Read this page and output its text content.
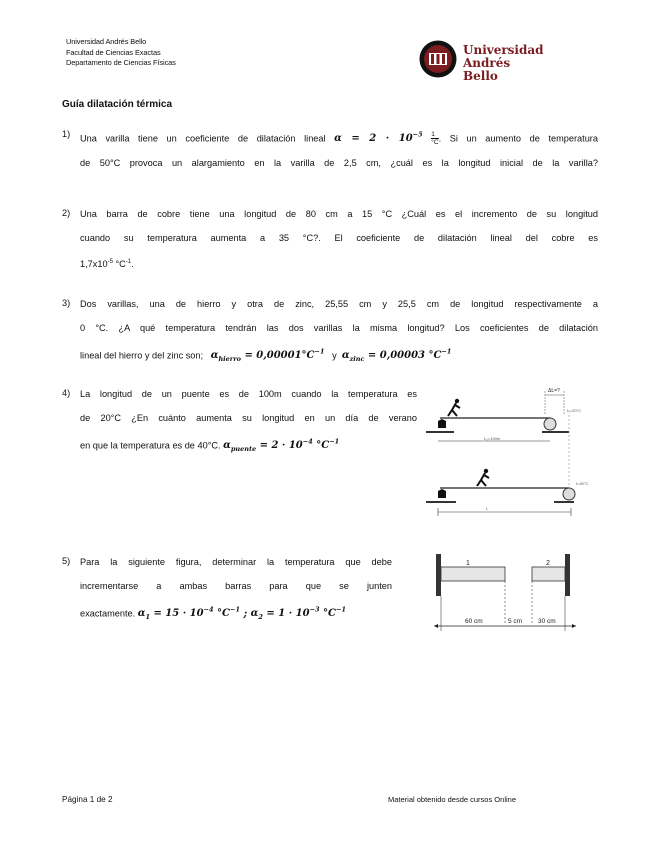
Universidad Andrés Bello
Facultad de Ciencias Exactas
Departamento de Ciencias Físicas
Universidad
Andrés Bello
Guía dilatación térmica
1) Una varilla tiene un coeficiente de dilatación lineal $\alpha = 2 \cdot 10^{-5} \frac{1}{^\circ C}$ . Si un aumento de temperatura
de 50°C provoca un alargamiento en la varilla de 2,5 cm, ¿cuál es la longitud inicial de la varilla?
2) Una barra de cobre tiene una longitud de 80 cm a 15 °C ¿Cuál es el incremento de su longitud
cuando su temperatura aumenta a 35 °C?. El coeficiente de dilatación lineal del cobre es
$1,7x10^{-5}$ $^\circ C^{-1}$.
3) Dos varillas, una de hierro y otra de zinc, 25,55 cm y 25,5 cm de longitud respectivamente a
0 °C. ¿A qué temperatura tendrán las dos varillas la misma longitud? Los coeficientes de dilatación
lineal del hierro y del zinc son; $\alpha_{hierro} = 0,00001^\circ C^{-1}$ y $\alpha_{zinc} = 0,00003$ $^\circ C^{-1}$
4) La longitud de un puente es de 100m cuando la temperatura es
de 20°C ¿En cuánto aumenta su longitud en un día de verano
en que la temperatura es de 40°C. $\alpha_{puente} = 2 \cdot 10^{-4}$ $^\circ C^{-1}$
ΔL=?
t₀=20°C
L₀=100m
t=40°C
L
5) Para la siguiente figura, determinar la temperatura que debe
incrementarse a ambas barras para que se junten
exactamente. $\alpha_1 = 15 \cdot 10^{-4}$ $^\circ C^{-1}$ ; $\alpha_2 = 1 \cdot 10^{-3}$ $^\circ C^{-1}$
1	2
60 cm	5 cm 30 cm
Página 1 de 2	Material obtenido desde cursos Online
